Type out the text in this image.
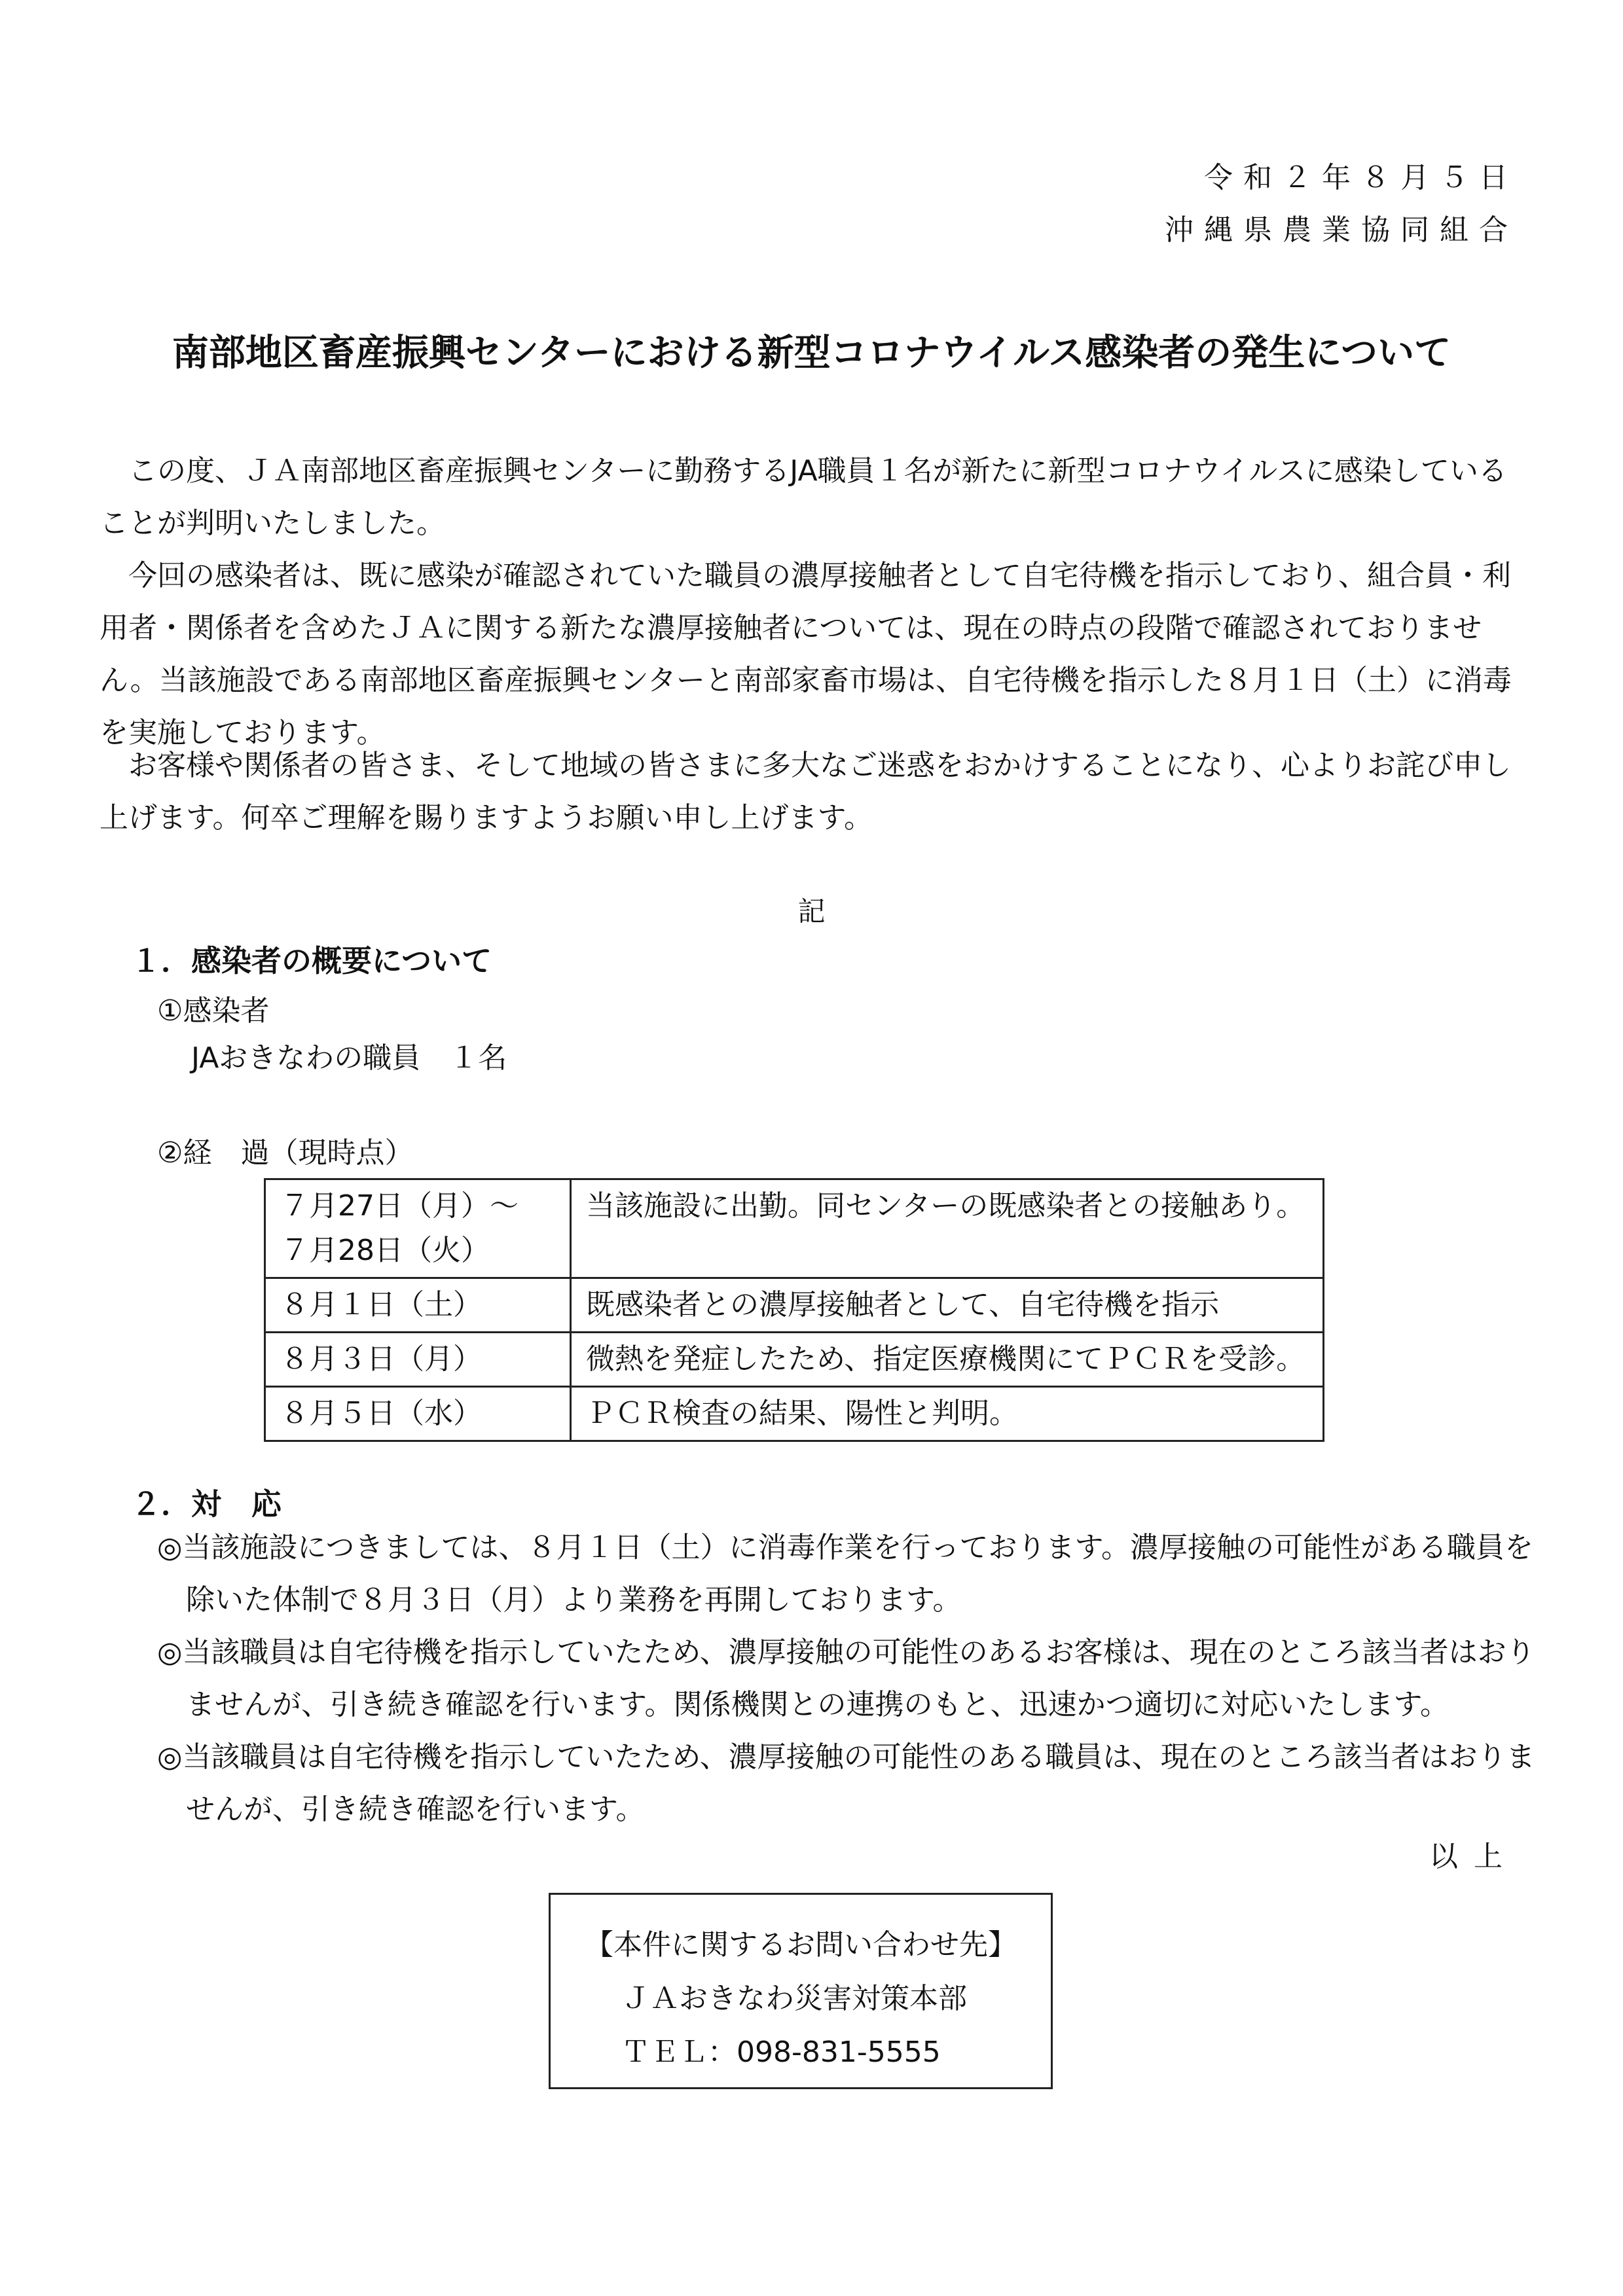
令和２年８月５日
沖縄県農業協同組合
南部地区畜産振興センターにおける新型コロナウイルス感染者の発生について
この度、ＪＡ南部地区畜産振興センターに勤務するJA職員１名が新たに新型コロナウイルスに感染していることが判明いたしました。
今回の感染者は、既に感染が確認されていた職員の濃厚接触者として自宅待機を指示しており、組合員・利用者・関係者を含めたＪＡに関する新たな濃厚接触者については、現在の時点の段階で確認されておりません。当該施設である南部地区畜産振興センターと南部家畜市場は、自宅待機を指示した８月１日（土）に消毒を実施しております。
お客様や関係者の皆さま、そして地域の皆さまに多大なご迷惑をおかけすることになり、心よりお詫び申し上げます。何卒ご理解を賜りますようお願い申し上げます。
記
１．感染者の概要について
①感染者
JAおきなわの職員　１名
②経　過（現時点）
７月27日（月）～
７月28日（火）	当該施設に出勤。同センターの既感染者との接触あり。
８月１日（土）	既感染者との濃厚接触者として、自宅待機を指示
８月３日（月）	微熱を発症したため、指定医療機関にてＰＣＲを受診。
８月５日（水）	ＰＣＲ検査の結果、陽性と判明。
２．対　応
◎当該施設につきましては、８月１日（土）に消毒作業を行っております。濃厚接触の可能性がある職員を除いた体制で８月３日（月）より業務を再開しております。
◎当該職員は自宅待機を指示していたため、濃厚接触の可能性のあるお客様は、現在のところ該当者はおりませんが、引き続き確認を行います。関係機関との連携のもと、迅速かつ適切に対応いたします。
◎当該職員は自宅待機を指示していたため、濃厚接触の可能性のある職員は、現在のところ該当者はおりませんが、引き続き確認を行います。
以上
【本件に関するお問い合わせ先】
ＪＡおきなわ災害対策本部
ＴＥＬ：098-831-5555
